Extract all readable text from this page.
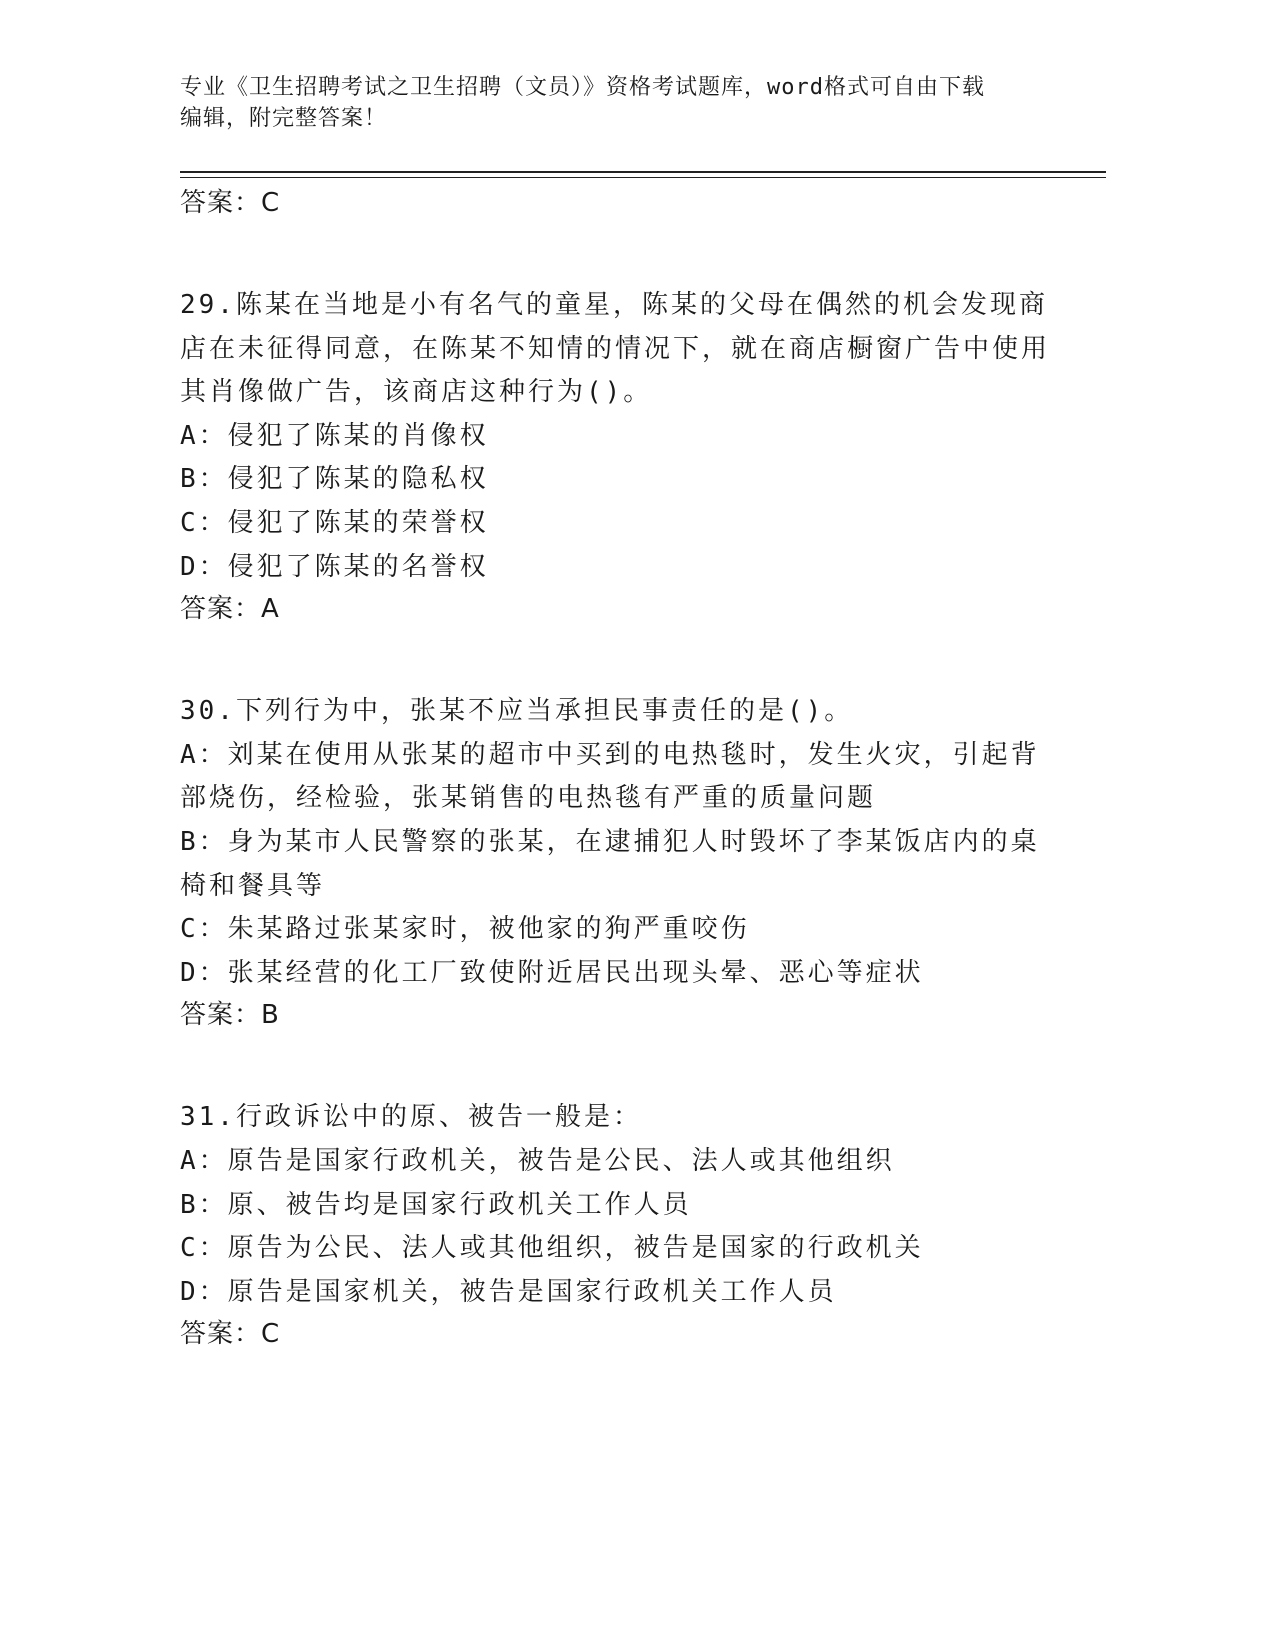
专业《卫生招聘考试之卫生招聘（文员）》资格考试题库，word格式可自由下载
编辑，附完整答案！
答案：C

29.陈某在当地是小有名气的童星，陈某的父母在偶然的机会发现商店在未征得同意，在陈某不知情的情况下，就在商店橱窗广告中使用其肖像做广告，该商店这种行为()。

A：侵犯了陈某的肖像权

B：侵犯了陈某的隐私权

C：侵犯了陈某的荣誉权

D：侵犯了陈某的名誉权

答案：A

30.下列行为中，张某不应当承担民事责任的是()。

A：刘某在使用从张某的超市中买到的电热毯时，发生火灾，引起背部烧伤，经检验，张某销售的电热毯有严重的质量问题

B：身为某市人民警察的张某，在逮捕犯人时毁坏了李某饭店内的桌椅和餐具等

C：朱某路过张某家时，被他家的狗严重咬伤

D：张某经营的化工厂致使附近居民出现头晕、恶心等症状

答案：B

31.行政诉讼中的原、被告一般是：

A：原告是国家行政机关，被告是公民、法人或其他组织

B：原、被告均是国家行政机关工作人员

C：原告为公民、法人或其他组织，被告是国家的行政机关

D：原告是国家机关，被告是国家行政机关工作人员

答案：C
